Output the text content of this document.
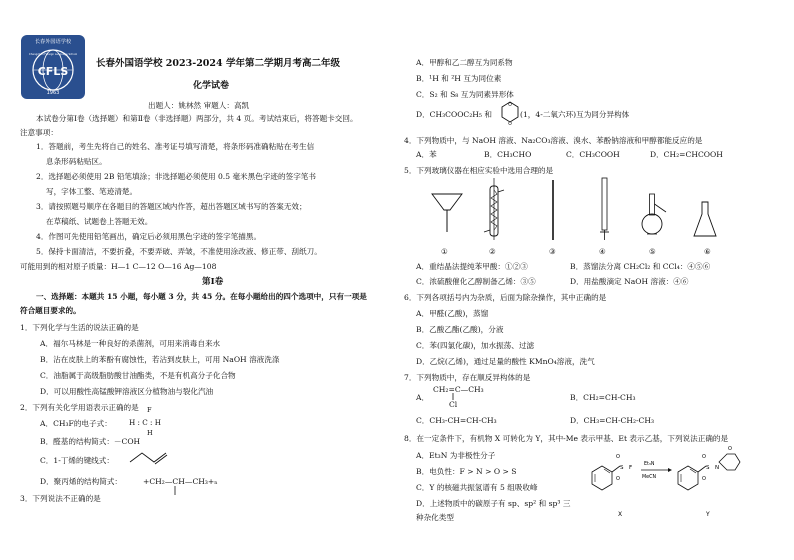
长春外国语学校
Changchun Foreign Language School
CFLS
1963
长春外国语学校 2023-2024 学年第二学期月考高二年级
化学试卷
出题人：姚林然 审题人：高凯
本试卷分第Ⅰ卷（选择题）和第Ⅱ卷（非选择题）两部分，共 4 页。考试结束后，将答题卡交回。
注意事项：
1．答题前，考生先将自己的姓名、准考证号填写清楚，将条形码准确粘贴在考生信
息条形码粘贴区。
2．选择题必须使用 2B 铅笔填涂；非选择题必须使用 0.5 毫米黑色字迹的签字笔书
写，字体工整、笔迹清楚。
3．请按照题号顺序在各题目的答题区域内作答，超出答题区域书写的答案无效；
在草稿纸、试题卷上答题无效。
4．作图可先使用铅笔画出，确定后必须用黑色字迹的签字笔描黑。
5．保持卡面清洁，不要折叠，不要弄破、弄皱，不准使用涂改液、修正带、刮纸刀。
可能用到的相对原子质量：H—1 C—12 O—16 Ag—108
第Ⅰ卷
一、选择题：本题共 15 小题，每小题 3 分，共 45 分。在每小题给出的四个选项中，只有一项是
符合题目要求的。
1．下列化学与生活的说法正确的是
A．福尔马林是一种良好的杀菌剂，可用来消毒自来水
B．沾在皮肤上的苯酚有腐蚀性，若沾到皮肤上，可用 NaOH 溶液洗涤
C．油脂属于高级脂肪酸甘油酯类，不是有机高分子化合物
D．可以用酸性高锰酸钾溶液区分植物油与裂化汽油
2．下列有关化学用语表示正确的是
A．CH₃F的电子式：
F
H : C : H
H
B．醛基的结构简式：－COH
C．1-丁烯的键线式：
D．聚丙烯的结构简式：	+CH₂—CH—CH₃+ₙ
3．下列说法不正确的是
A．甲醇和乙二醇互为同系物
B．¹H 和 ²H 互为同位素
C．S₂ 和 S₈ 互为同素异形体
D．CH₃COOC₂H₅ 和
O
O
(1，4-二氧六环)互为同分异构体
4．下列物质中，与 NaOH 溶液、Na₂CO₃溶液、溴水、苯酚钠溶液和甲醇都能反应的是
A．苯	B．CH₃CHO	C．CH₃COOH	D．CH₂=CHCOOH
5．下列玻璃仪器在相应实验中选用合理的是
①	②	③	④	⑤	⑥
A．重结晶法提纯苯甲酸：①②③	B．蒸馏法分离 CH₂Cl₂ 和 CCl₄：④⑤⑥
C．浓硫酸催化乙醇制备乙烯：③⑤	D．用盐酸滴定 NaOH 溶液：④⑥
6．下列各项括号内为杂质，后面为除杂操作，其中正确的是
A．甲醛(乙酸)，蒸馏
B．乙酸乙酯(乙酸)，分液
C．苯(四氯化碳)，加水振荡、过滤
D．乙烷(乙烯)，通过足量的酸性 KMnO₄溶液，洗气
7．下列物质中，存在顺反异构体的是
A．
CH₂=C—CH₃
Cl
B．CH₂=CH-CH₃
C．CH₃-CH=CH-CH₃	D．CH₃=CH-CH₂-CH₃
8．在一定条件下，有机物 X 可转化为 Y，其中-Me 表示甲基、Et 表示乙基，下列说法正确的是
A．Et₃N 为非极性分子
B．电负性：F > N > O > S
C．Y 的核磁共振氢谱有 5 组吸收峰
D．上述物质中的碳原子有 sp、sp² 和 sp³ 三
种杂化类型
S F
O
O
Et₃N
MeCN
S
O
O
N
O
X	Y
